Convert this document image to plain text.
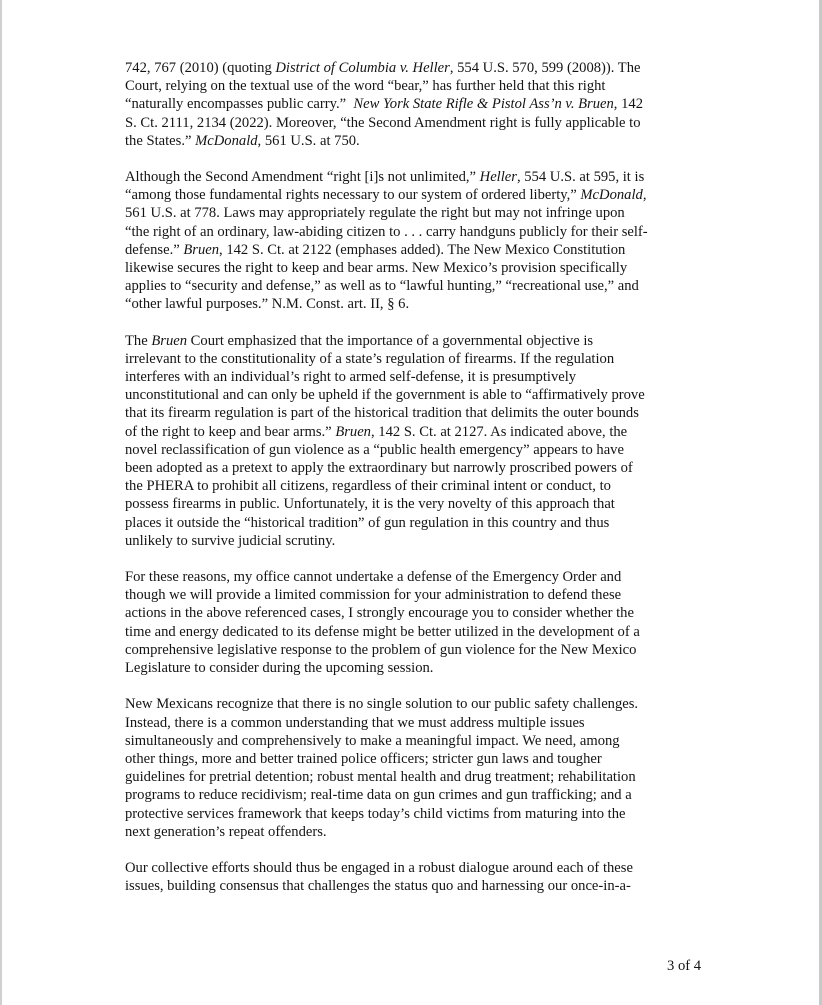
742, 767 (2010) (quoting District of Columbia v. Heller, 554 U.S. 570, 599 (2008)). The
Court, relying on the textual use of the word “bear,” has further held that this right
“naturally encompasses public carry.”  New York State Rifle & Pistol Ass’n v. Bruen, 142
S. Ct. 2111, 2134 (2022). Moreover, “the Second Amendment right is fully applicable to
the States.” McDonald, 561 U.S. at 750.
Although the Second Amendment “right [i]s not unlimited,” Heller, 554 U.S. at 595, it is
“among those fundamental rights necessary to our system of ordered liberty,” McDonald,
561 U.S. at 778. Laws may appropriately regulate the right but may not infringe upon
“the right of an ordinary, law-abiding citizen to . . . carry handguns publicly for their self-
defense.” Bruen, 142 S. Ct. at 2122 (emphases added). The New Mexico Constitution
likewise secures the right to keep and bear arms. New Mexico’s provision specifically
applies to “security and defense,” as well as to “lawful hunting,” “recreational use,” and
“other lawful purposes.” N.M. Const. art. II, § 6.
The Bruen Court emphasized that the importance of a governmental objective is
irrelevant to the constitutionality of a state’s regulation of firearms. If the regulation
interferes with an individual’s right to armed self-defense, it is presumptively
unconstitutional and can only be upheld if the government is able to “affirmatively prove
that its firearm regulation is part of the historical tradition that delimits the outer bounds
of the right to keep and bear arms.” Bruen, 142 S. Ct. at 2127. As indicated above, the
novel reclassification of gun violence as a “public health emergency” appears to have
been adopted as a pretext to apply the extraordinary but narrowly proscribed powers of
the PHERA to prohibit all citizens, regardless of their criminal intent or conduct, to
possess firearms in public. Unfortunately, it is the very novelty of this approach that
places it outside the “historical tradition” of gun regulation in this country and thus
unlikely to survive judicial scrutiny.
For these reasons, my office cannot undertake a defense of the Emergency Order and
though we will provide a limited commission for your administration to defend these
actions in the above referenced cases, I strongly encourage you to consider whether the
time and energy dedicated to its defense might be better utilized in the development of a
comprehensive legislative response to the problem of gun violence for the New Mexico
Legislature to consider during the upcoming session.
New Mexicans recognize that there is no single solution to our public safety challenges.
Instead, there is a common understanding that we must address multiple issues
simultaneously and comprehensively to make a meaningful impact. We need, among
other things, more and better trained police officers; stricter gun laws and tougher
guidelines for pretrial detention; robust mental health and drug treatment; rehabilitation
programs to reduce recidivism; real-time data on gun crimes and gun trafficking; and a
protective services framework that keeps today’s child victims from maturing into the
next generation’s repeat offenders.
Our collective efforts should thus be engaged in a robust dialogue around each of these
issues, building consensus that challenges the status quo and harnessing our once-in-a-
3 of 4
